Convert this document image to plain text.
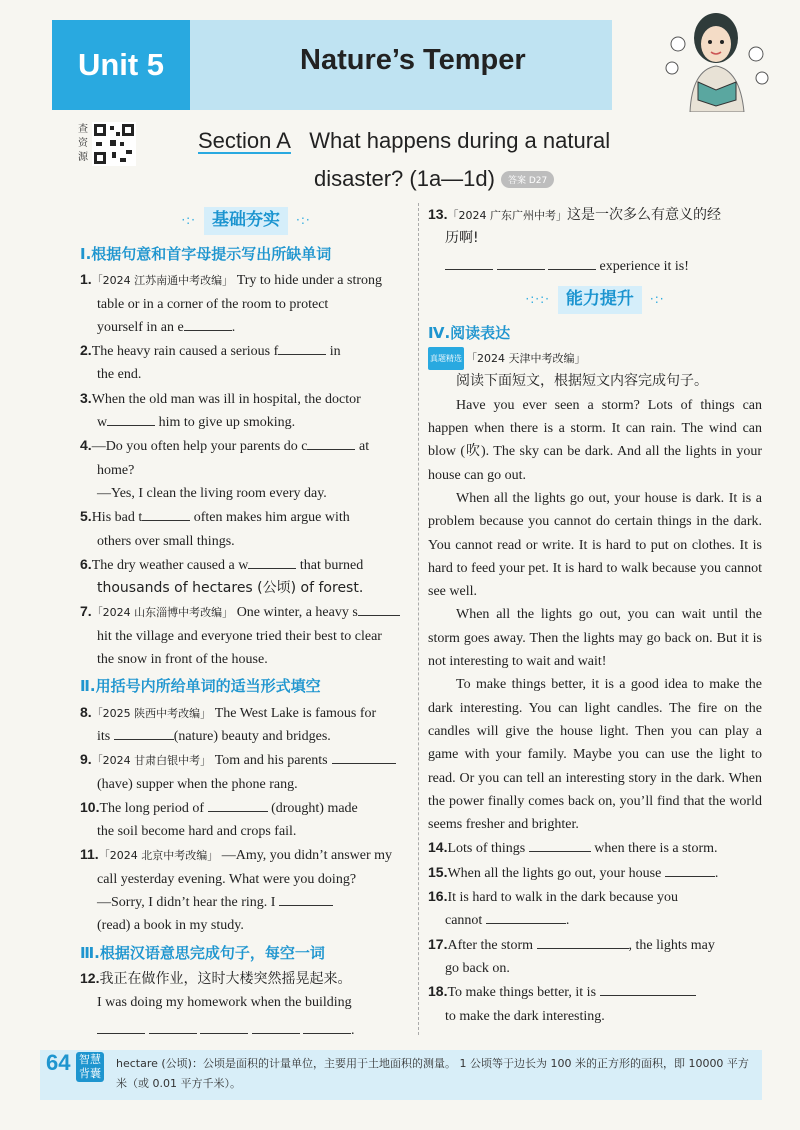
Unit 5	Nature’s Temper
查
资
源
Section A What happens during a natural
disaster? (1a—1d)	答案 D27
·:· 基础夯实	·:·
Ⅰ.根据句意和首字母提示写出所缺单词
1.「2024 江苏南通中考改编」 Try to hide under a strong
table or in a corner of the room to protect
yourself in an e	.
2.The heavy rain caused a serious f	in
the end.
3.When the old man was ill in hospital, the doctor
w	him to give up smoking.
4.—Do you often help your parents do c	at
home?
—Yes, I clean the living room every day.
5.His bad t	often makes him argue with
others over small things.
6.The dry weather caused a w	that burned
thousands of hectares (公顷) of forest.
7.「2024 山东淄博中考改编」 One winter, a heavy s
hit the village and everyone tried their best to clear
the snow in front of the house.
Ⅱ.用括号内所给单词的适当形式填空
8.「2025 陕西中考改编」 The West Lake is famous for
its	(nature) beauty and bridges.
9.「2024 甘肃白银中考」 Tom and his parents
(have) supper when the phone rang.
10.The long period of	(drought) made
the soil become hard and crops fail.
11.「2024 北京中考改编」 —Amy, you didn’t answer my
call yesterday evening. What were you doing?
—Sorry, I didn’t hear the ring. I
(read) a book in my study.
Ⅲ.根据汉语意思完成句子，每空一词
12.我正在做作业，这时大楼突然摇晃起来。
I was doing my homework when the building
.
13.「2024 广东广州中考」这是一次多么有意义的经
历啊!
experience it is!
·:·:· 能力提升	·:·
Ⅳ.阅读表达
真题精选 「2024 天津中考改编」
阅读下面短文，根据短文内容完成句子。
Have you ever seen a storm? Lots of things can happen when there is a storm. It can rain. The wind can blow (吹). The sky can be dark. And all the lights in your house can go out.
When all the lights go out, your house is dark. It is a problem because you cannot do certain things in the dark. You cannot read or write. It is hard to put on clothes. It is hard to feed your pet. It is hard to walk because you cannot see well.
When all the lights go out, you can wait until the storm goes away. Then the lights may go back on. But it is not interesting to wait and wait!
To make things better, it is a good idea to make the dark interesting. You can light candles. The fire on the candles will give the house light. Then you can play a game with your family. Maybe you can use the light to read. Or you can tell an interesting story in the dark. When the power finally comes back on, you’ll find that the world seems fresher and brighter.
14.Lots of things	when there is a storm.
15.When all the lights go out, your house	.
16.It is hard to walk in the dark because you
cannot	.
17.After the storm	, the lights may
go back on.
18.To make things better, it is
to make the dark interesting.
64 智慧背囊
hectare (公顷)：公顷是面积的计量单位，主要用于土地面积的测量。 1 公顷等于边长为 100 米的正方形的面积，即 10000 平方米（或 0.01 平方千米）。
